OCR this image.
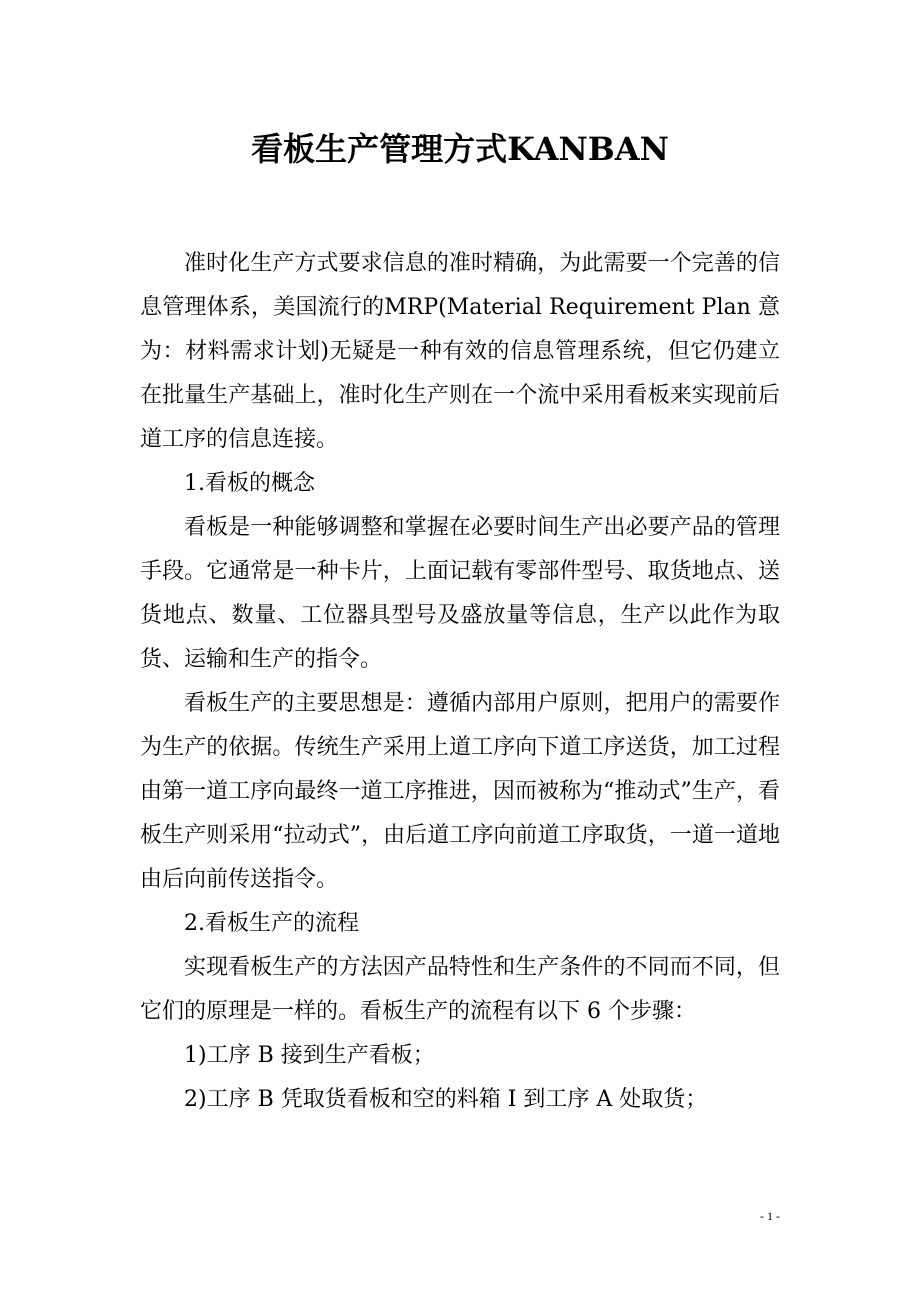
看板生产管理方式KANBAN

准时化生产方式要求信息的准时精确，为此需要一个完善的信息管理体系，美国流行的MRP(Material Requirement Plan 意为：材料需求计划)无疑是一种有效的信息管理系统，但它仍建立在批量生产基础上，准时化生产则在一个流中采用看板来实现前后道工序的信息连接。

1.看板的概念

看板是一种能够调整和掌握在必要时间生产出必要产品的管理手段。它通常是一种卡片，上面记载有零部件型号、取货地点、送货地点、数量、工位器具型号及盛放量等信息，生产以此作为取货、运输和生产的指令。

看板生产的主要思想是：遵循内部用户原则，把用户的需要作为生产的依据。传统生产采用上道工序向下道工序送货，加工过程由第一道工序向最终一道工序推进，因而被称为“推动式”生产，看板生产则采用“拉动式”，由后道工序向前道工序取货，一道一道地由后向前传送指令。

2.看板生产的流程

实现看板生产的方法因产品特性和生产条件的不同而不同，但它们的原理是一样的。看板生产的流程有以下 6 个步骤：

1)工序 B 接到生产看板；

2)工序 B 凭取货看板和空的料箱 I 到工序 A 处取货；

- 1 -
